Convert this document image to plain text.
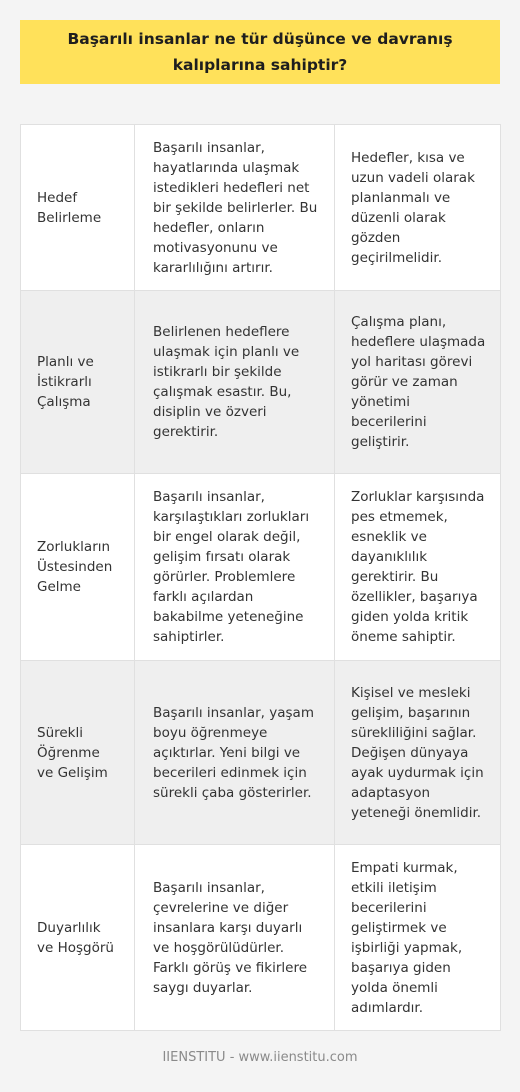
Başarılı insanlar ne tür düşünce ve davranış kalıplarına sahiptir?
Hedef Belirleme	Başarılı insanlar, hayatlarında ulaşmak istedikleri hedefleri net bir şekilde belirlerler. Bu hedefler, onların motivasyonunu ve kararlılığını artırır.	Hedefler, kısa ve uzun vadeli olarak planlanmalı ve düzenli olarak gözden geçirilmelidir.
Planlı ve İstikrarlı Çalışma	Belirlenen hedeflere ulaşmak için planlı ve istikrarlı bir şekilde çalışmak esastır. Bu, disiplin ve özveri gerektirir.	Çalışma planı, hedeflere ulaşmada yol haritası görevi görür ve zaman yönetimi becerilerini geliştirir.
Zorlukların Üstesinden Gelme	Başarılı insanlar, karşılaştıkları zorlukları bir engel olarak değil, gelişim fırsatı olarak görürler. Problemlere farklı açılardan bakabilme yeteneğine sahiptirler.	Zorluklar karşısında pes etmemek, esneklik ve dayanıklılık gerektirir. Bu özellikler, başarıya giden yolda kritik öneme sahiptir.
Sürekli Öğrenme ve Gelişim	Başarılı insanlar, yaşam boyu öğrenmeye açıktırlar. Yeni bilgi ve becerileri edinmek için sürekli çaba gösterirler.	Kişisel ve mesleki gelişim, başarının sürekliliğini sağlar. Değişen dünyaya ayak uydurmak için adaptasyon yeteneği önemlidir.
Duyarlılık ve Hoşgörü	Başarılı insanlar, çevrelerine ve diğer insanlara karşı duyarlı ve hoşgörülüdürler. Farklı görüş ve fikirlere saygı duyarlar.	Empati kurmak, etkili iletişim becerilerini geliştirmek ve işbirliği yapmak, başarıya giden yolda önemli adımlardır.
IIENSTITU - www.iienstitu.com
